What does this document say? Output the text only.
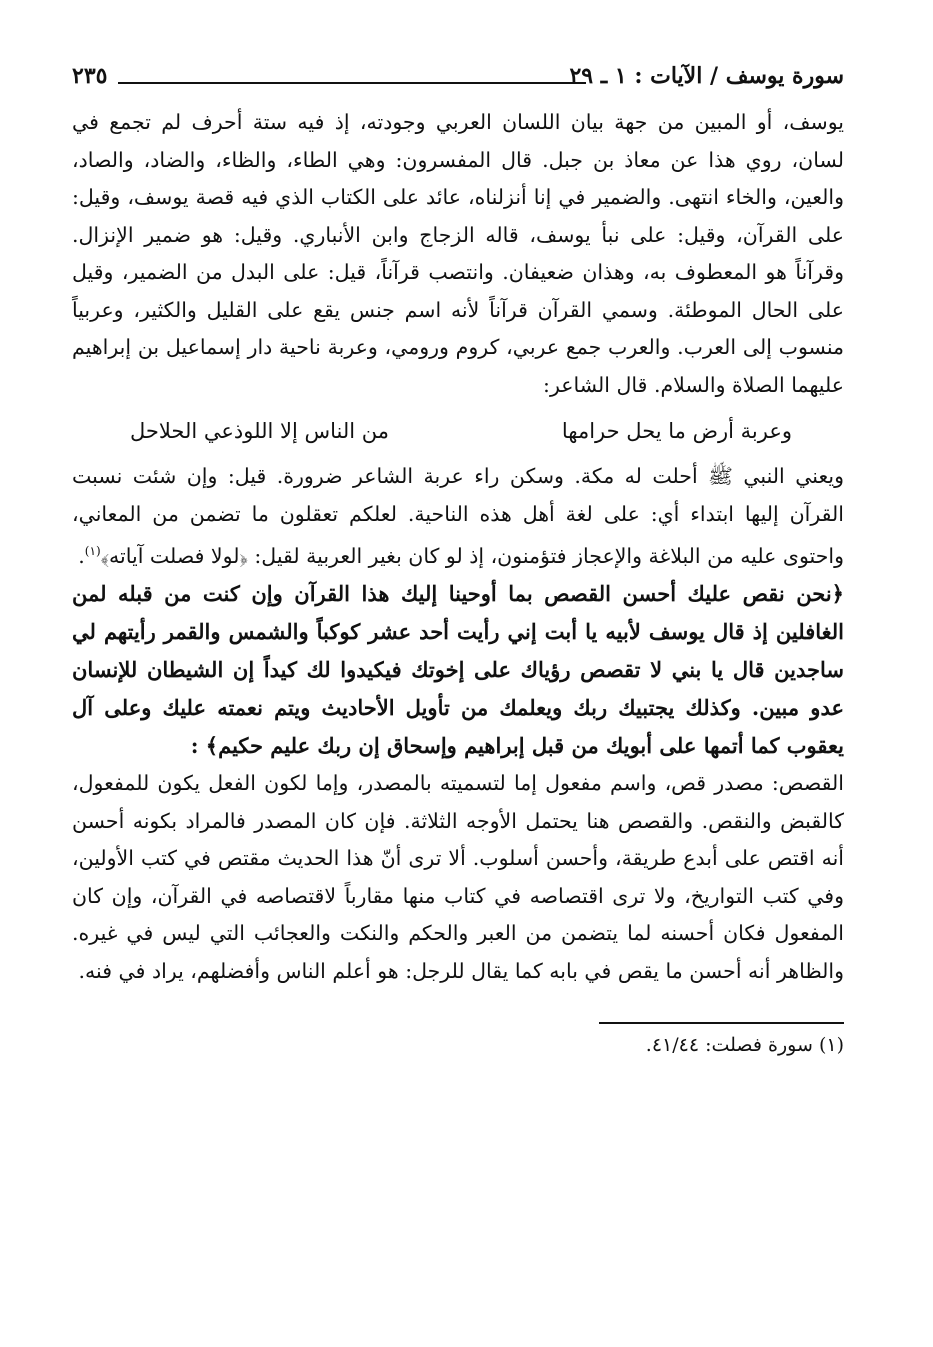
سورة يوسف / الآيات : ١ ـ ٢٩
٢٣٥

يوسف، أو المبين من جهة بيان اللسان العربي وجودته، إذ فيه ستة أحرف لم تجمع في لسان، روي هذا عن معاذ بن جبل. قال المفسرون: وهي الطاء، والظاء، والضاد، والصاد، والعين، والخاء انتهى. والضمير في إنا أنزلناه، عائد على الكتاب الذي فيه قصة يوسف، وقيل: على القرآن، وقيل: على نبأ يوسف، قاله الزجاج وابن الأنباري. وقيل: هو ضمير الإنزال. وقرآناً هو المعطوف به، وهذان ضعيفان. وانتصب قرآناً، قيل: على البدل من الضمير، وقيل على الحال الموطئة. وسمي القرآن قرآناً لأنه اسم جنس يقع على القليل والكثير، وعربياً منسوب إلى العرب. والعرب جمع عربي، كروم ورومي، وعربة ناحية دار إسماعيل بن إبراهيم عليهما الصلاة والسلام. قال الشاعر:

وعربة أرض ما يحل حرامها
من الناس إلا اللوذعي الحلاحل

ويعني النبي ﷺ أحلت له مكة. وسكن راء عربة الشاعر ضرورة. قيل: وإن شئت نسبت القرآن إليها ابتداء أي: على لغة أهل هذه الناحية. لعلكم تعقلون ما تضمن من المعاني، واحتوى عليه من البلاغة والإعجاز فتؤمنون، إذ لو كان بغير العربية لقيل: ﴿لولا فصلت آياته﴾$^{(١)}$.

﴿نحن نقص عليك أحسن القصص بما أوحينا إليك هذا القرآن وإن كنت من قبله لمن الغافلين إذ قال يوسف لأبيه يا أبت إني رأيت أحد عشر كوكباً والشمس والقمر رأيتهم لي ساجدين قال يا بني لا تقصص رؤياك على إخوتك فيكيدوا لك كيداً إن الشيطان للإنسان عدو مبين. وكذلك يجتبيك ربك ويعلمك من تأويل الأحاديث ويتم نعمته عليك وعلى آل يعقوب كما أتمها على أبويك من قبل إبراهيم وإسحاق إن ربك عليم حكيم﴾ :

القصص: مصدر قص، واسم مفعول إما لتسميته بالمصدر، وإما لكون الفعل يكون للمفعول، كالقبض والنقص. والقصص هنا يحتمل الأوجه الثلاثة. فإن كان المصدر فالمراد بكونه أحسن أنه اقتص على أبدع طريقة، وأحسن أسلوب. ألا ترى أنّ هذا الحديث مقتص في كتب الأولين، وفي كتب التواريخ، ولا ترى اقتصاصه في كتاب منها مقارباً لاقتصاصه في القرآن، وإن كان المفعول فكان أحسنه لما يتضمن من العبر والحكم والنكت والعجائب التي ليس في غيره. والظاهر أنه أحسن ما يقص في بابه كما يقال للرجل: هو أعلم الناس وأفضلهم، يراد في فنه.

(١) سورة فصلت: ٤١/٤٤.
